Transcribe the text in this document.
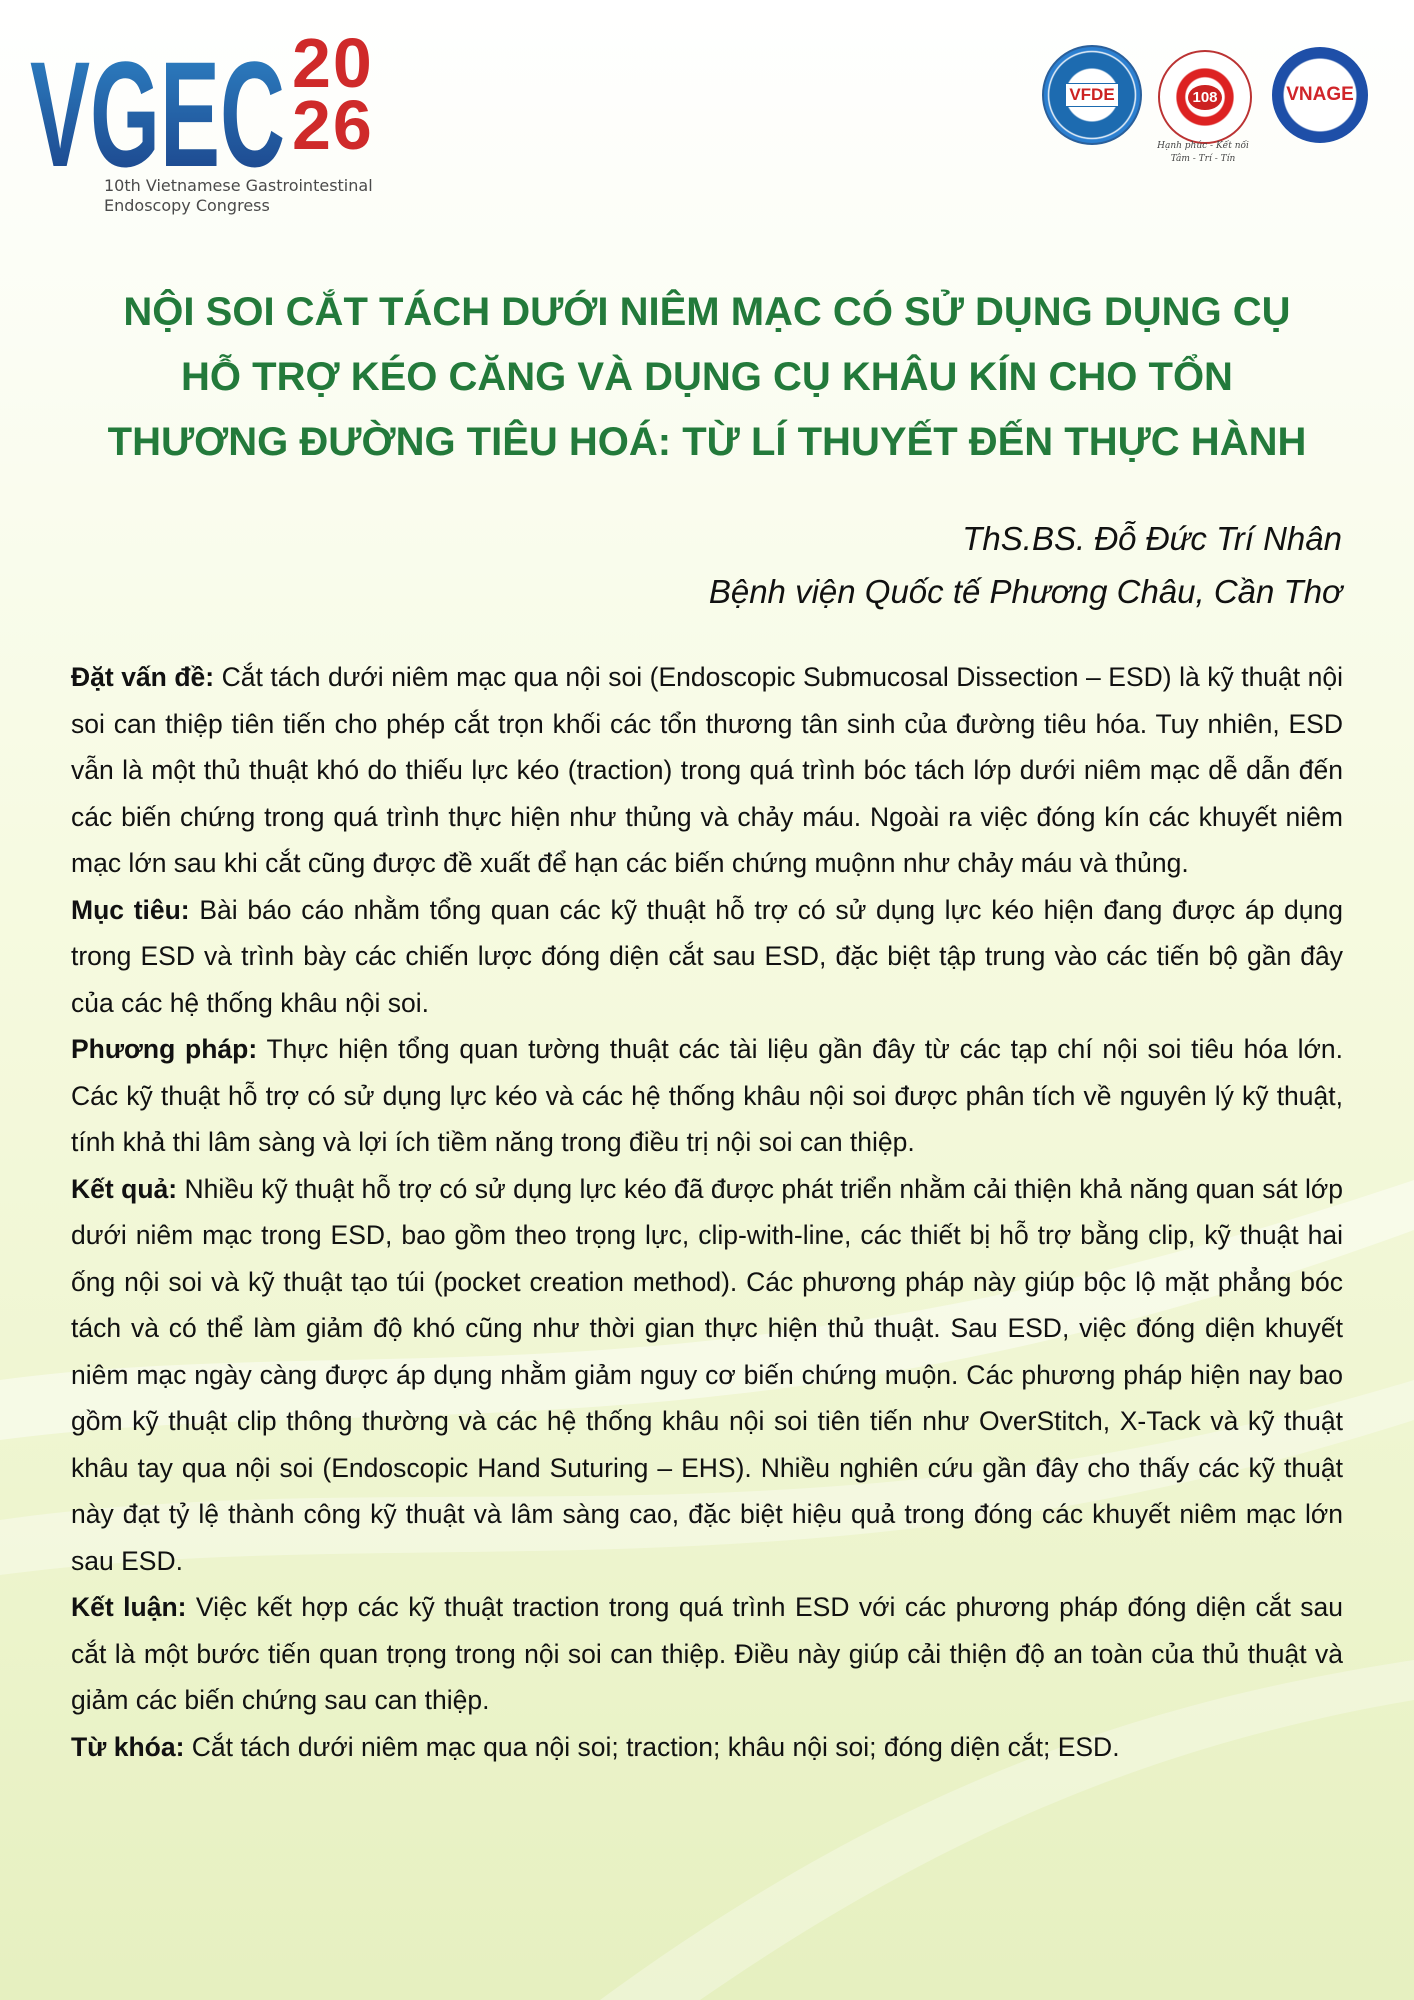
VGEC 20
26
10th Vietnamese Gastrointestinal
Endoscopy Congress
VFDE	108	VNAGE
Hạnh phúc - Kết nối
Tâm - Trí - Tín
NỘI SOI CẮT TÁCH DƯỚI NIÊM MẠC CÓ SỬ DỤNG DỤNG CỤ
HỖ TRỢ KÉO CĂNG VÀ DỤNG CỤ KHÂU KÍN CHO TỔN
THƯƠNG ĐƯỜNG TIÊU HOÁ: TỪ LÍ THUYẾT ĐẾN THỰC HÀNH
ThS.BS. Đỗ Đức Trí Nhân
Bệnh viện Quốc tế Phương Châu, Cần Thơ

Đặt vấn đề: Cắt tách dưới niêm mạc qua nội soi (Endoscopic Submucosal Dissection – ESD) là kỹ thuật nội soi can thiệp tiên tiến cho phép cắt trọn khối các tổn thương tân sinh của đường tiêu hóa. Tuy nhiên, ESD vẫn là một thủ thuật khó do thiếu lực kéo (traction) trong quá trình bóc tách lớp dưới niêm mạc dễ dẫn đến các biến chứng trong quá trình thực hiện như thủng và chảy máu. Ngoài ra việc đóng kín các khuyết niêm mạc lớn sau khi cắt cũng được đề xuất để hạn các biến chứng muộnn như chảy máu và thủng.

Mục tiêu: Bài báo cáo nhằm tổng quan các kỹ thuật hỗ trợ có sử dụng lực kéo hiện đang được áp dụng trong ESD và trình bày các chiến lược đóng diện cắt sau ESD, đặc biệt tập trung vào các tiến bộ gần đây của các hệ thống khâu nội soi.

Phương pháp: Thực hiện tổng quan tường thuật các tài liệu gần đây từ các tạp chí nội soi tiêu hóa lớn. Các kỹ thuật hỗ trợ có sử dụng lực kéo và các hệ thống khâu nội soi được phân tích về nguyên lý kỹ thuật, tính khả thi lâm sàng và lợi ích tiềm năng trong điều trị nội soi can thiệp.

Kết quả: Nhiều kỹ thuật hỗ trợ có sử dụng lực kéo đã được phát triển nhằm cải thiện khả năng quan sát lớp dưới niêm mạc trong ESD, bao gồm theo trọng lực, clip-with-line, các thiết bị hỗ trợ bằng clip, kỹ thuật hai ống nội soi và kỹ thuật tạo túi (pocket creation method). Các phương pháp này giúp bộc lộ mặt phẳng bóc tách và có thể làm giảm độ khó cũng như thời gian thực hiện thủ thuật. Sau ESD, việc đóng diện khuyết niêm mạc ngày càng được áp dụng nhằm giảm nguy cơ biến chứng muộn. Các phương pháp hiện nay bao gồm kỹ thuật clip thông thường và các hệ thống khâu nội soi tiên tiến như OverStitch, X-Tack và kỹ thuật khâu tay qua nội soi (Endoscopic Hand Suturing – EHS). Nhiều nghiên cứu gần đây cho thấy các kỹ thuật này đạt tỷ lệ thành công kỹ thuật và lâm sàng cao, đặc biệt hiệu quả trong đóng các khuyết niêm mạc lớn sau ESD.

Kết luận: Việc kết hợp các kỹ thuật traction trong quá trình ESD với các phương pháp đóng diện cắt sau cắt là một bước tiến quan trọng trong nội soi can thiệp. Điều này giúp cải thiện độ an toàn của thủ thuật và giảm các biến chứng sau can thiệp.

Từ khóa: Cắt tách dưới niêm mạc qua nội soi; traction; khâu nội soi; đóng diện cắt; ESD.
